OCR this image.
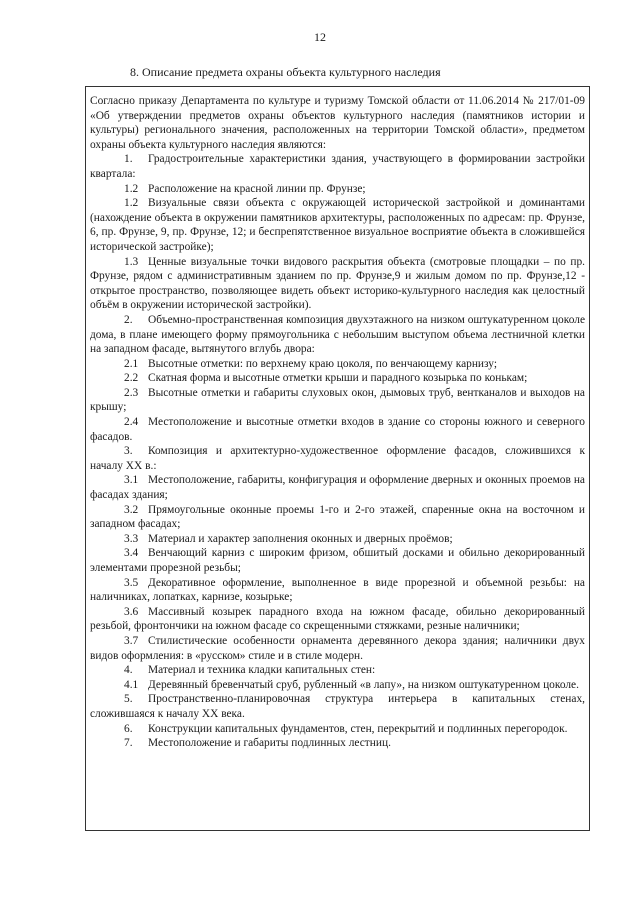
12
8. Описание предмета охраны объекта культурного наследия

Согласно приказу Департамента по культуре и туризму Томской области от 11.06.2014 № 217/01-09 «Об утверждении предметов охраны объектов культурного наследия (памятников истории и культуры) регионального значения, расположенных на территории Томской области», предметом охраны объекта культурного наследия являются:

1. Градостроительные характеристики здания, участвующего в формировании застройки квартала:

1.2 Расположение на красной линии пр. Фрунзе;

1.2 Визуальные связи объекта с окружающей исторической застройкой и доминантами (нахождение объекта в окружении памятников архитектуры, расположенных по адресам: пр. Фрунзе, 6, пр. Фрунзе, 9, пр. Фрунзе, 12; и беспрепятственное визуальное восприятие объекта в сложившейся исторической застройке);

1.3 Ценные визуальные точки видового раскрытия объекта (смотровые площадки – по пр. Фрунзе, рядом с административным зданием по пр. Фрунзе,9 и жилым домом по пр. Фрунзе,12 - открытое пространство, позволяющее видеть объект историко-культурного наследия как целостный объём в окружении исторической застройки).

2. Объемно-пространственная композиция двухэтажного на низком оштукатуренном цоколе дома, в плане имеющего форму прямоугольника с небольшим выступом объема лестничной клетки на западном фасаде, вытянутого вглубь двора:

2.1 Высотные отметки: по верхнему краю цоколя, по венчающему карнизу;

2.2 Скатная форма и высотные отметки крыши и парадного козырька по конькам;

2.3 Высотные отметки и габариты слуховых окон, дымовых труб, вентканалов и выходов на крышу;

2.4 Местоположение и высотные отметки входов в здание со стороны южного и северного фасадов.

3. Композиция и архитектурно-художественное оформление фасадов, сложившихся к началу XX в.:

3.1 Местоположение, габариты, конфигурация и оформление дверных и оконных проемов на фасадах здания;

3.2 Прямоугольные оконные проемы 1-го и 2-го этажей, спаренные окна на восточном и западном фасадах;

3.3 Материал и характер заполнения оконных и дверных проёмов;

3.4 Венчающий карниз с широким фризом, обшитый досками и обильно декорированный элементами прорезной резьбы;

3.5 Декоративное оформление, выполненное в виде прорезной и объемной резьбы: на наличниках, лопатках, карнизе, козырьке;

3.6 Массивный козырек парадного входа на южном фасаде, обильно декорированный резьбой, фронтончики на южном фасаде со скрещенными стяжками, резные наличники;

3.7 Стилистические особенности орнамента деревянного декора здания; наличники двух видов оформления: в «русском» стиле и в стиле модерн.

4. Материал и техника кладки капитальных стен:

4.1 Деревянный бревенчатый сруб, рубленный «в лапу», на низком оштукатуренном цоколе.

5. Пространственно-планировочная структура интерьера в капитальных стенах, сложившаяся к началу XX века.

6. Конструкции капитальных фундаментов, стен, перекрытий и подлинных перегородок.

7. Местоположение и габариты подлинных лестниц.
